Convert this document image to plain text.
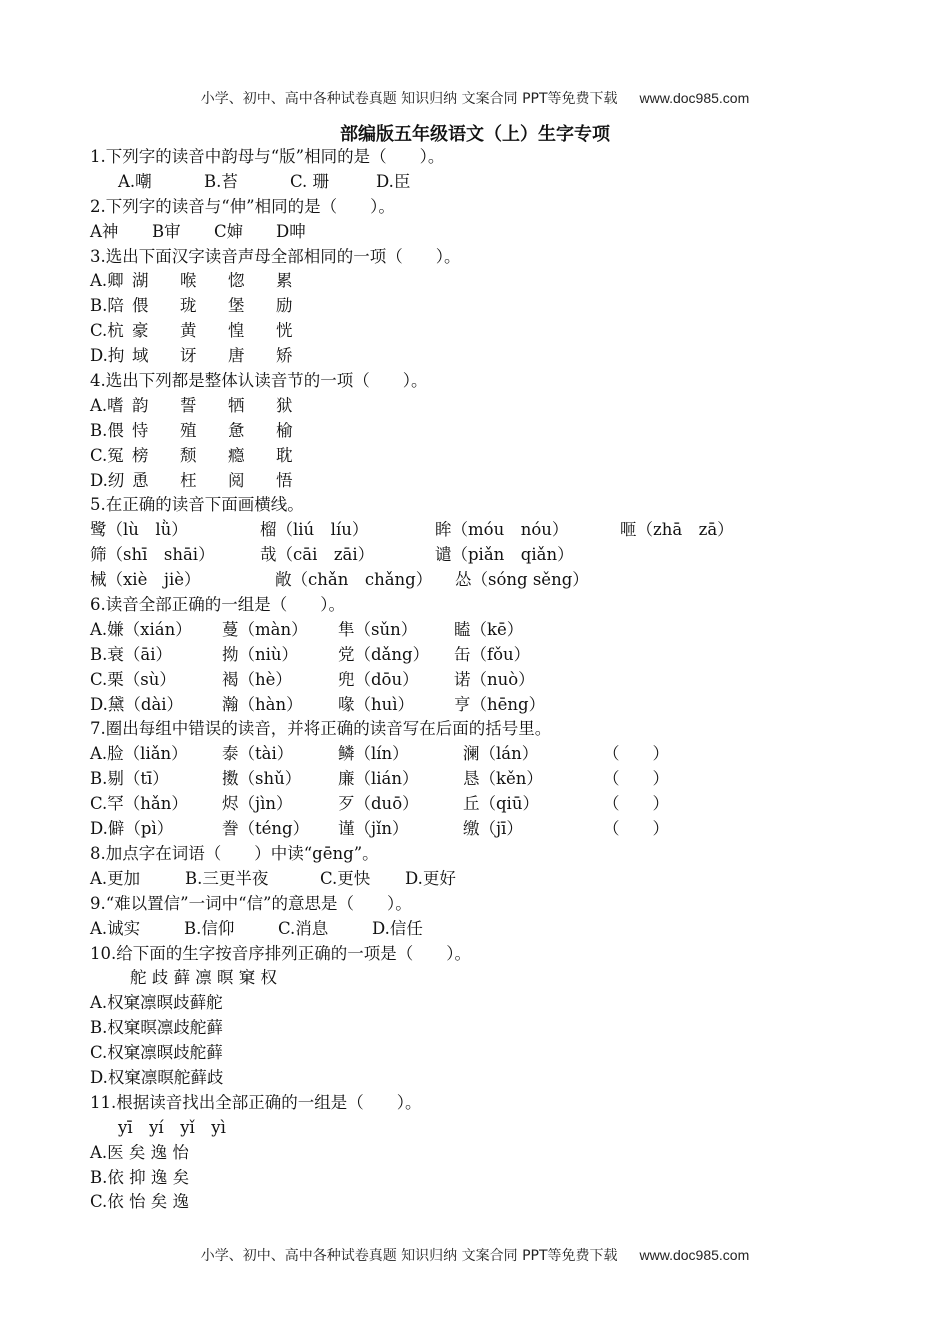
小学、初中、高中各种试卷真题 知识归纳 文案合同 PPT等免费下载 www.doc985.com
部编版五年级语文（上）生字专项
1.下列字的读音中韵母与“版”相同的是（　　）。
A.嘲	B.苔	C. 珊	D.臣
2.下列字的读音与“伸”相同的是（　　）。
A神 B审 C婶 D呻
3.选出下面汉字读音声母全部相同的一项（　　）。
A.卿 湖 喉 惚 累
B.陪 偎 珑 堡 励
C.杭 豪 黄 惶 恍
D.拘 域 讶 唐 矫
4.选出下列都是整体认读音节的一项（　　）。
A.嗜 韵 誓 牺 狱
B.偎 恃 殖 惫 榆
C.冤 榜 颓 瘾 耽
D.纫 恿 枉 阅 悟
5.在正确的读音下面画横线。
鹭（lù　lǜ）	榴（liú　líu）	眸（móu　nóu）	咂（zhā　zā）
筛（shī　shāi）	哉（cāi　zāi）	谴（piǎn　qiǎn）
械（xiè　jiè）	敞（chǎn　chǎng） 怂（sóng sěng）
6.读音全部正确的一组是（　　）。
A.嫌（xián） 蔓（màn） 隼（sǔn） 瞌（kē）
B.衰（āi）	拗（niù） 党（dǎng） 缶（fǒu）
C.栗（sù）	褐（hè）	兜（dōu） 诺（nuò）
D.黛（dài） 瀚（hàn） 喙（huì） 亨（hēng）
7.圈出每组中错误的读音，并将正确的读音写在后面的括号里。
A.脸（liǎn） 泰（tài）	鳞（lín）	澜（lán）	（　　）
B.剔（tī）	擞（shǔ） 廉（lián）	恳（kěn）	（　　）
C.罕（hǎn） 烬（jìn）	歹（duō）	丘（qiū）	（　　）
D.僻（pì）	誊（téng） 谨（jǐn）	缴（jī）	（　　）
8.加点字在词语（　　）中读“gēng”。
A.更加	B.三更半夜	C.更快 D.更好
9.“难以置信”一词中“信”的意思是（　　）。
A.诚实	B.信仰	C.消息	D.信任
10.给下面的生字按音序排列正确的一项是（　　）。
舵 歧 藓 凛 暝 窠 权
A.权窠凛暝歧藓舵
B.权窠暝凛歧舵藓
C.权窠凛暝歧舵藓
D.权窠凛暝舵藓歧
11.根据读音找出全部正确的一组是（　　）。
yī　yí　yǐ　yì
A.医 矣 逸 怡
B.依 抑 逸 矣
C.依 怡 矣 逸
小学、初中、高中各种试卷真题 知识归纳 文案合同 PPT等免费下载 www.doc985.com
